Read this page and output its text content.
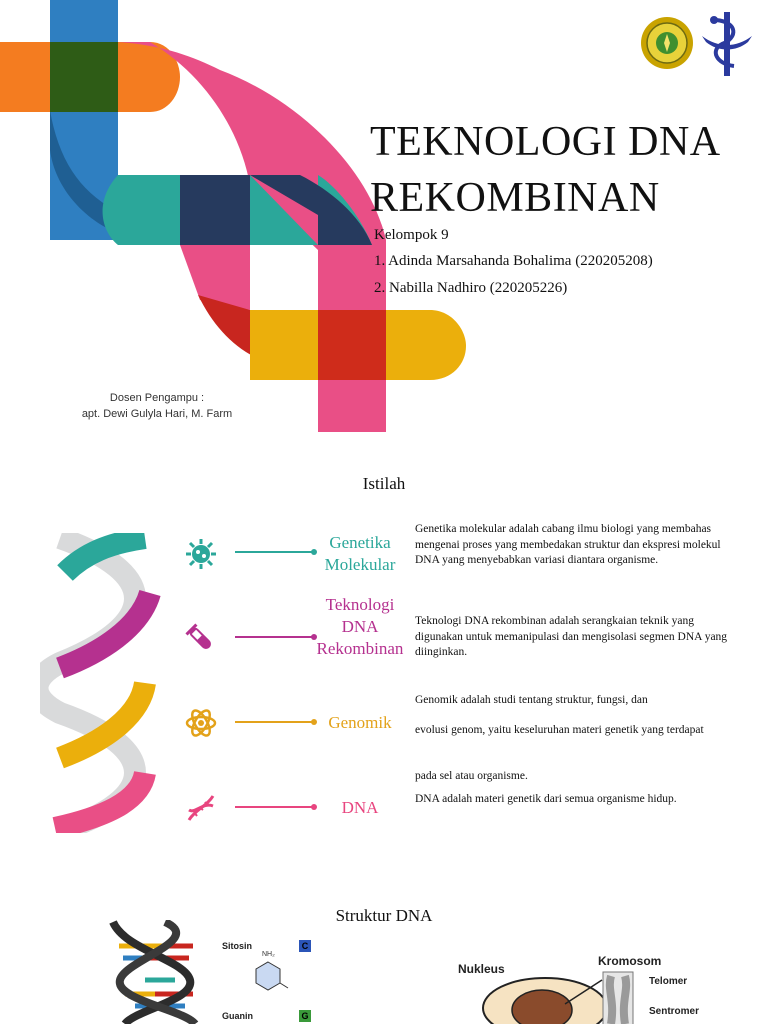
TEKNOLOGI DNA
REKOMBINAN
Kelompok 9
1. Adinda Marsahanda Bohalima (220205208)
2. Nabilla Nadhiro (220205226)
Dosen Pengampu :
apt. Dewi Gulyla Hari, M. Farm
Istilah
Genetika Molekular
Genetika molekular adalah cabang ilmu biologi yang membahas mengenai proses yang membedakan struktur dan ekspresi molekul DNA yang menyebabkan variasi diantara organisme.
Teknologi DNA Rekombinan
Teknologi DNA rekombinan adalah serangkaian teknik yang digunakan untuk memanipulasi dan mengisolasi segmen DNA yang diinginkan.
Genomik
Genomik adalah studi tentang struktur, fungsi, dan
evolusi genom, yaitu keseluruhan materi genetik yang terdapat
pada sel atau organisme.
DNA	DNA adalah materi genetik dari semua organisme hidup.
Struktur DNA
Sitosin	C
NH₂
Guanin	G
Nukleus
Kromosom
Telomer
Sentromer
